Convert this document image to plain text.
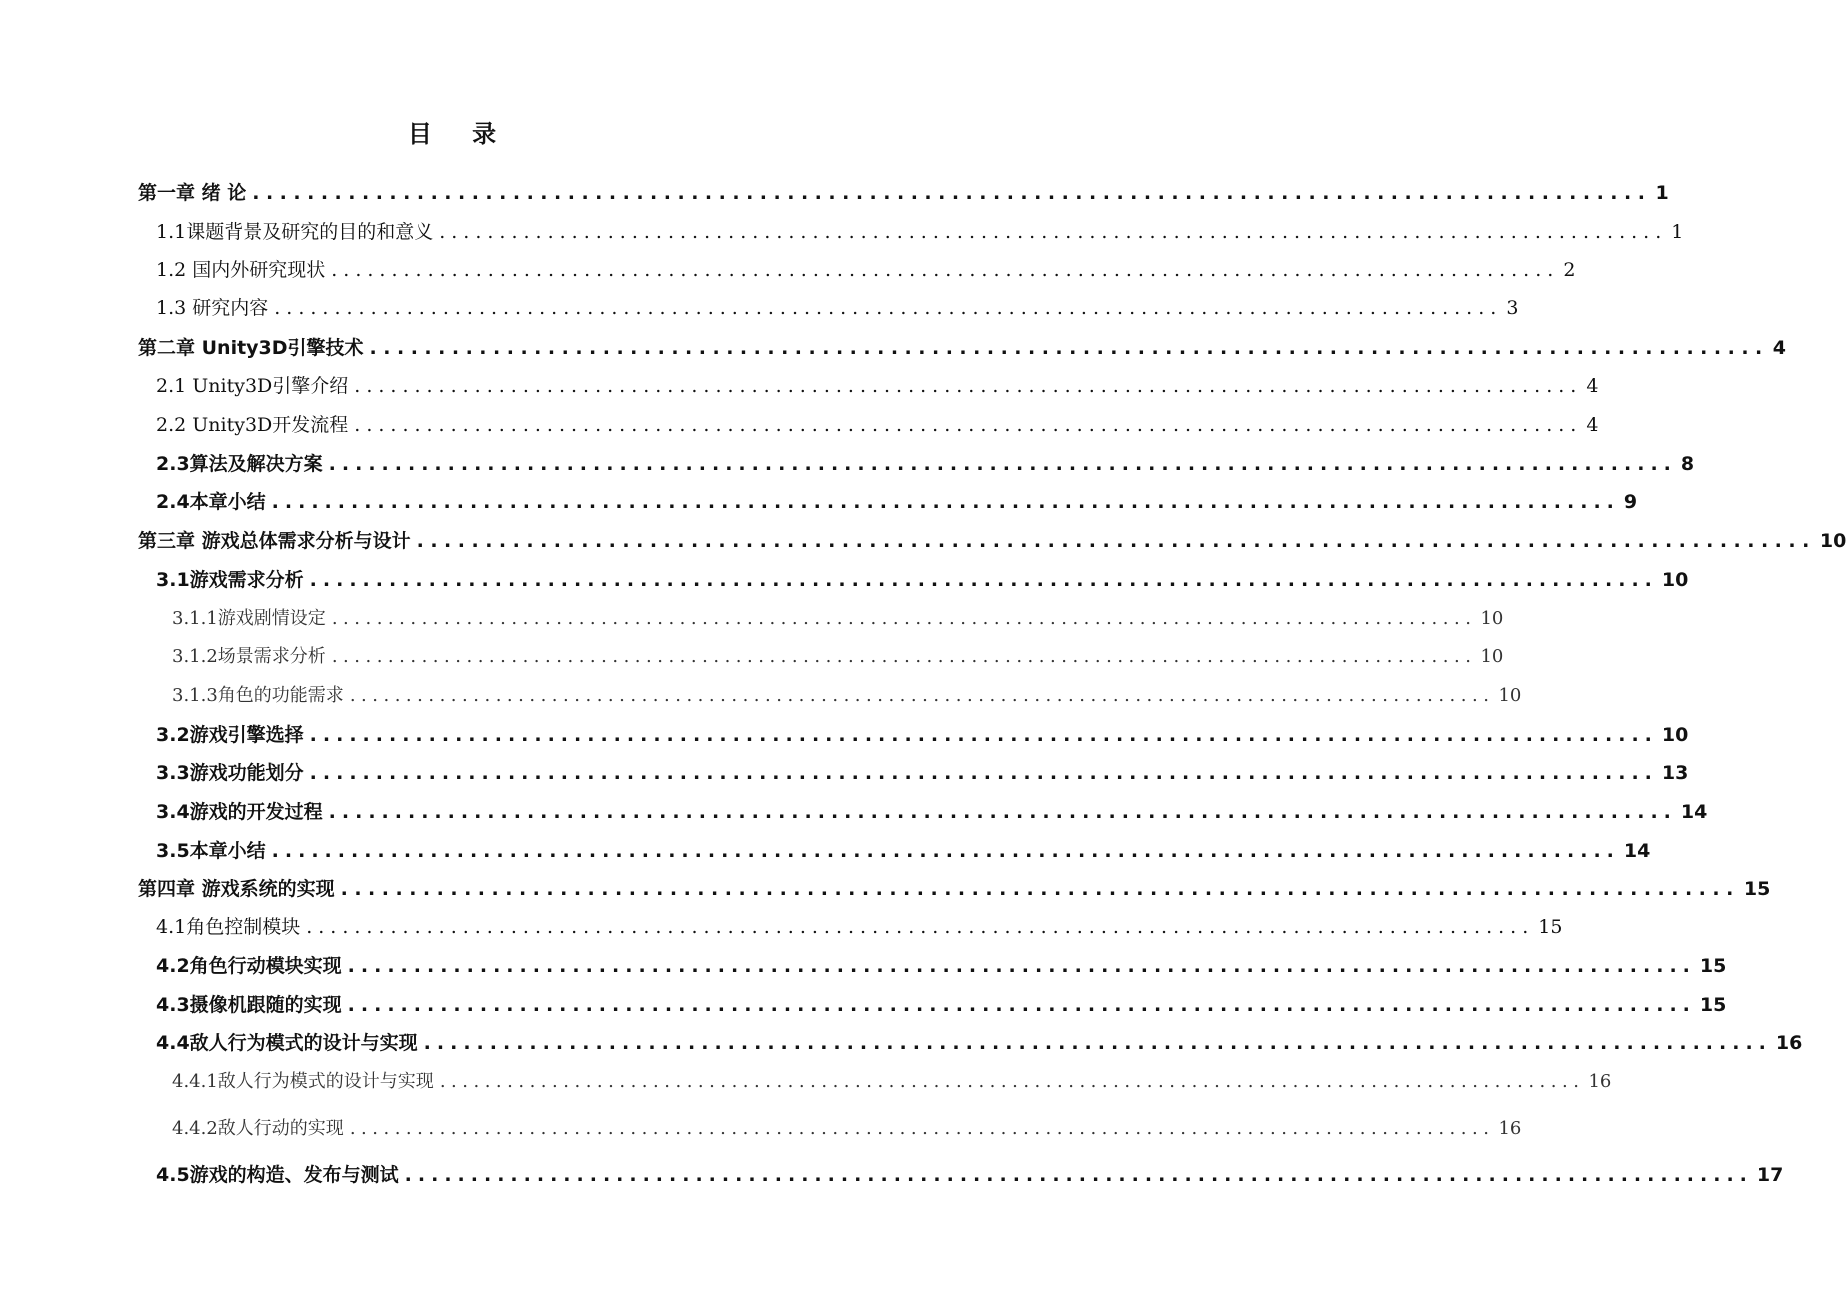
目 录
第一章 绪 论 ...................................................................................................... 1
1.1课题背景及研究的目的和意义 ...................................................................................................... 1
1.2 国内外研究现状 ...................................................................................................... 2
1.3 研究内容 ...................................................................................................... 3
第二章 Unity3D引擎技术 ...................................................................................................... 4
2.1 Unity3D引擎介绍 ...................................................................................................... 4
2.2 Unity3D开发流程 ...................................................................................................... 4
2.3算法及解决方案 ...................................................................................................... 8
2.4本章小结 ...................................................................................................... 9
第三章 游戏总体需求分析与设计 ...................................................................................................... 10
3.1游戏需求分析 ...................................................................................................... 10
3.1.1游戏剧情设定 ...................................................................................................... 10
3.1.2场景需求分析 ...................................................................................................... 10
3.1.3角色的功能需求 ...................................................................................................... 10
3.2游戏引擎选择 ...................................................................................................... 10
3.3游戏功能划分 ...................................................................................................... 13
3.4游戏的开发过程 ...................................................................................................... 14
3.5本章小结 ...................................................................................................... 14
第四章 游戏系统的实现 ...................................................................................................... 15
4.1角色控制模块 ...................................................................................................... 15
4.2角色行动模块实现 ...................................................................................................... 15
4.3摄像机跟随的实现 ...................................................................................................... 15
4.4敌人行为模式的设计与实现 ...................................................................................................... 16
4.4.1敌人行为模式的设计与实现 ...................................................................................................... 16
4.4.2敌人行动的实现 ...................................................................................................... 16
4.5游戏的构造、发布与测试 ...................................................................................................... 17
